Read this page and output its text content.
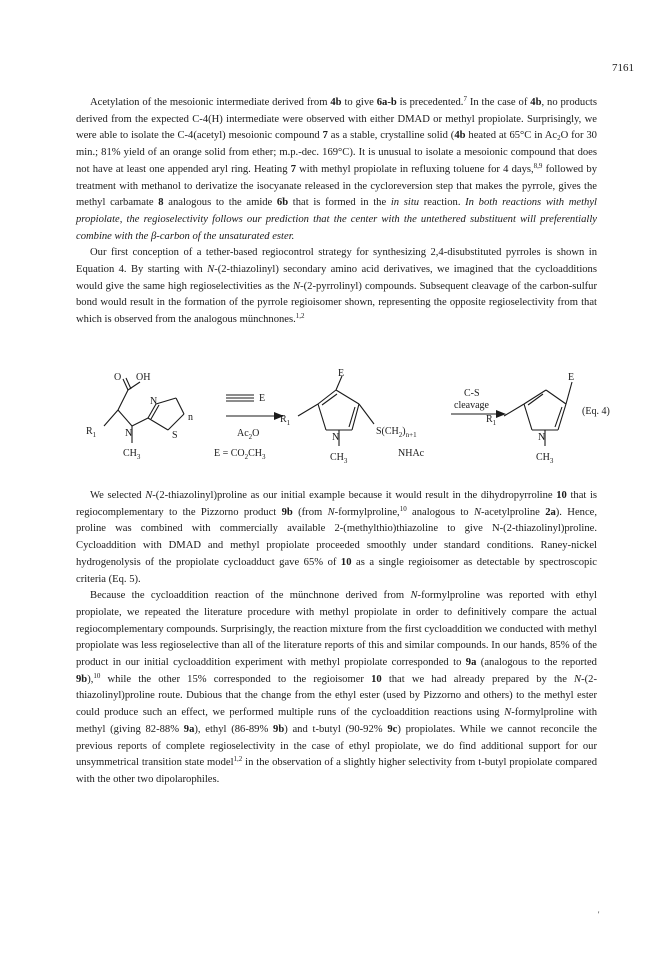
7161

Acetylation of the mesoionic intermediate derived from 4b to give 6a-b is precedented.$^7$ In the case of 4b, no products derived from the expected C-4(H) intermediate were observed with either DMAD or methyl propiolate. Surprisingly, we were able to isolate the C-4(acetyl) mesoionic compound 7 as a stable, crystalline solid (4b heated at 65°C in $Ac_2O$ for 30 min.; 81% yield of an orange solid from ether; m.p.-dec. 169°C). It is unusual to isolate a mesoionic compound that does not have at least one appended aryl ring. Heating 7 with methyl propiolate in refluxing toluene for 4 days,$^{8,9}$ followed by treatment with methanol to derivatize the isocyanate released in the cycloreversion step that makes the pyrrole, gives the methyl carbamate 8 analogous to the amide 6b that is formed in the in situ reaction. In both reactions with methyl propiolate, the regioselectivity follows our prediction that the center with the untethered substituent will preferentially combine with the β-carbon of the unsaturated ester.

Our first conception of a tether-based regiocontrol strategy for synthesizing 2,4-disubstituted pyrroles is shown in Equation 4. By starting with N-(2-thiazolinyl) secondary amino acid derivatives, we imagined that the cycloadditions would give the same high regioselectivities as the N-(2-pyrrolinyl) compounds. Subsequent cleavage of the carbon-sulfur bond would result in the formation of the pyrrole regioisomer shown, representing the opposite regioselectivity from that which is observed from the analogous münchnones.$^{1,2}$

O OH
N
n
N	S
$R_1$
$CH_3$
E
$Ac_2O$
$E = CO_2CH_3$
E
$R_1$
N
$CH_3$
$S(CH_2)_{n+1}$
NHAc
C-S
cleavage
E
$R_1$
N
$CH_3$
(Eq. 4)

We selected N-(2-thiazolinyl)proline as our initial example because it would result in the dihydropyrroline 10 that is regiocomplementary to the Pizzorno product 9b (from N-formylproline,$^{10}$ analogous to N-acetylproline 2a). Hence, proline was combined with commercially available 2-(methylthio)thiazoline to give N-(2-thiazolinyl)proline. Cycloaddition with DMAD and methyl propiolate proceeded smoothly under standard conditions. Raney-nickel hydrogenolysis of the propiolate cycloadduct gave 65% of 10 as a single regioisomer as detectable by spectroscopic criteria (Eq. 5).

Because the cycloaddition reaction of the münchnone derived from N-formylproline was reported with ethyl propiolate, we repeated the literature procedure with methyl propiolate in order to definitively compare the actual regiocomplementary compounds. Surprisingly, the reaction mixture from the first cycloaddition we conducted with methyl propiolate was less regioselective than all of the literature reports of this and similar compounds. In our hands, 85% of the product in our initial cycloaddition experiment with methyl propiolate corresponded to 9a (analogous to the reported 9b),$^{10}$ while the other 15% corresponded to the regioisomer 10 that we had already prepared by the N-(2-thiazolinyl)proline route. Dubious that the change from the ethyl ester (used by Pizzorno and others) to the methyl ester could produce such an effect, we performed multiple runs of the cycloaddition reactions using N-formylproline with methyl (giving 82-88% 9a), ethyl (86-89% 9b) and t-butyl (90-92% 9c) propiolates. While we cannot reconcile the previous reports of complete regioselectivity in the case of ethyl propiolate, we do find additional support for our unsymmetrical transition state model$^{1,2}$ in the observation of a slightly higher selectivity from t-butyl propiolate compared with the other two dipolarophiles.

'
